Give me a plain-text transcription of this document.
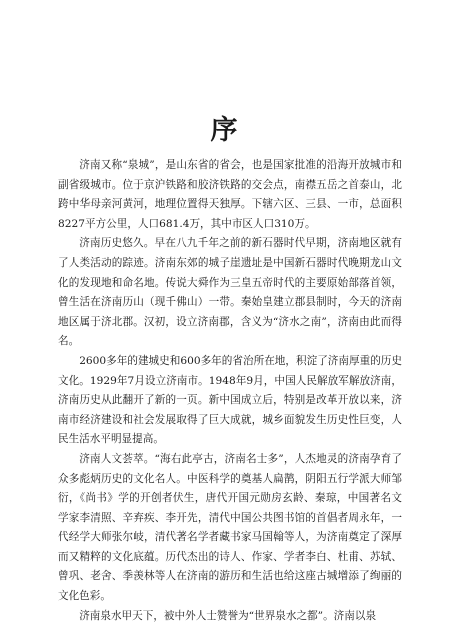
序

济南又称“泉城”，是山东省的省会，也是国家批准的沿海开放城市和副省级城市。位于京沪铁路和胶济铁路的交会点，南襟五岳之首泰山，北跨中华母亲河黄河，地理位置得天独厚。下辖六区、三县、一市，总面积8227平方公里，人口681.4万，其中市区人口310万。

济南历史悠久。早在八九千年之前的新石器时代早期，济南地区就有了人类活动的踪迹。济南东郊的城子崖遗址是中国新石器时代晚期龙山文化的发现地和命名地。传说大舜作为三皇五帝时代的主要原始部落首领，曾生活在济南历山（现千佛山）一带。秦始皇建立郡县制时，今天的济南地区属于济北郡。汉初，设立济南郡，含义为“济水之南”，济南由此而得名。

2600多年的建城史和600多年的省治所在地，积淀了济南厚重的历史文化。1929年7月设立济南市。1948年9月，中国人民解放军解放济南，济南历史从此翻开了新的一页。新中国成立后，特别是改革开放以来，济南市经济建设和社会发展取得了巨大成就，城乡面貌发生历史性巨变，人民生活水平明显提高。

济南人文荟萃。“海右此亭古，济南名士多”，人杰地灵的济南孕育了众多彪炳历史的文化名人。中医科学的奠基人扁鹊，阴阳五行学派大师邹衍，《尚书》学的开创者伏生，唐代开国元勋房玄龄、秦琼，中国著名文学家李清照、辛弃疾、李开先，清代中国公共图书馆的首倡者周永年，一代经学大师张尔岐，清代著名学者藏书家马国翰等人，为济南奠定了深厚而又精粹的文化底蕴。历代杰出的诗人、作家、学者李白、杜甫、苏轼、曾巩、老舍、季羡林等人在济南的游历和生活也给这座古城增添了绚丽的文化色彩。

济南泉水甲天下，被中外人士赞誉为“世界泉水之都”。济南以泉
